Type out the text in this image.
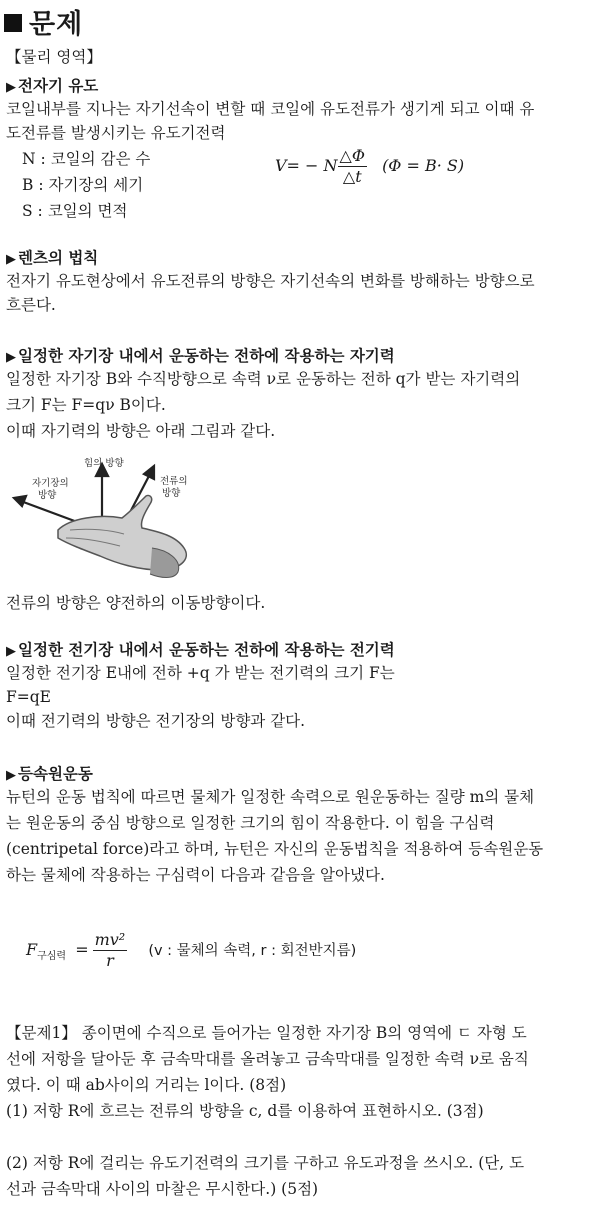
문제
【물리 영역】
▶ 전자기 유도
코일내부를 지나는 자기선속이 변할 때 코일에 유도전류가 생기게 되고 이때 유
도전류를 발생시키는 유도기전력
N : 코일의 감은 수
B : 자기장의 세기
S : 코일의 면적
V= − N $\frac{\triangle\Phi}{\triangle t} (\Phi = B\cdot S)$
▶ 렌츠의 법칙
전자기 유도현상에서 유도전류의 방향은 자기선속의 변화를 방해하는 방향으로
흐른다.
▶ 일정한 자기장 내에서 운동하는 전하에 작용하는 자기력
일정한 자기장 B와 수직방향으로 속력 ν로 운동하는 전하 q가 받는 자기력의
크기 F는 F=qν B이다.
이때 자기력의 방향은 아래 그림과 같다.
힘의 방향
자기장의
방향
전류의
방향
전류의 방향은 양전하의 이동방향이다.
▶ 일정한 전기장 내에서 운동하는 전하에 작용하는 전기력
일정한 전기장 E내에 전하 +q 가 받는 전기력의 크기 F는
F=qE
이때 전기력의 방향은 전기장의 방향과 같다.
▶ 등속원운동
뉴턴의 운동 법칙에 따르면 물체가 일정한 속력으로 원운동하는 질량 m의 물체
는 원운동의 중심 방향으로 일정한 크기의 힘이 작용한다. 이 힘을 구심력
(centripetal force)라고 하며, 뉴턴은 자신의 운동법칙을 적용하여 등속원운동
하는 물체에 작용하는 구심력이 다음과 같음을 알아냈다.
$F_{구심력} = \frac{\text{mv²}}{r} (v$ : 물체의 속력, r : 회전반지름)
【문제1】 종이면에 수직으로 들어가는 일정한 자기장 B의 영역에 ㄷ 자형 도
선에 저항을 달아둔 후 금속막대를 올려놓고 금속막대를 일정한 속력 ν로 움직
였다. 이 때 ab사이의 거리는 l이다. (8점)
(1) 저항 R에 흐르는 전류의 방향을 c, d를 이용하여 표현하시오. (3점)
(2) 저항 R에 걸리는 유도기전력의 크기를 구하고 유도과정을 쓰시오. (단, 도
선과 금속막대 사이의 마찰은 무시한다.) (5점)
